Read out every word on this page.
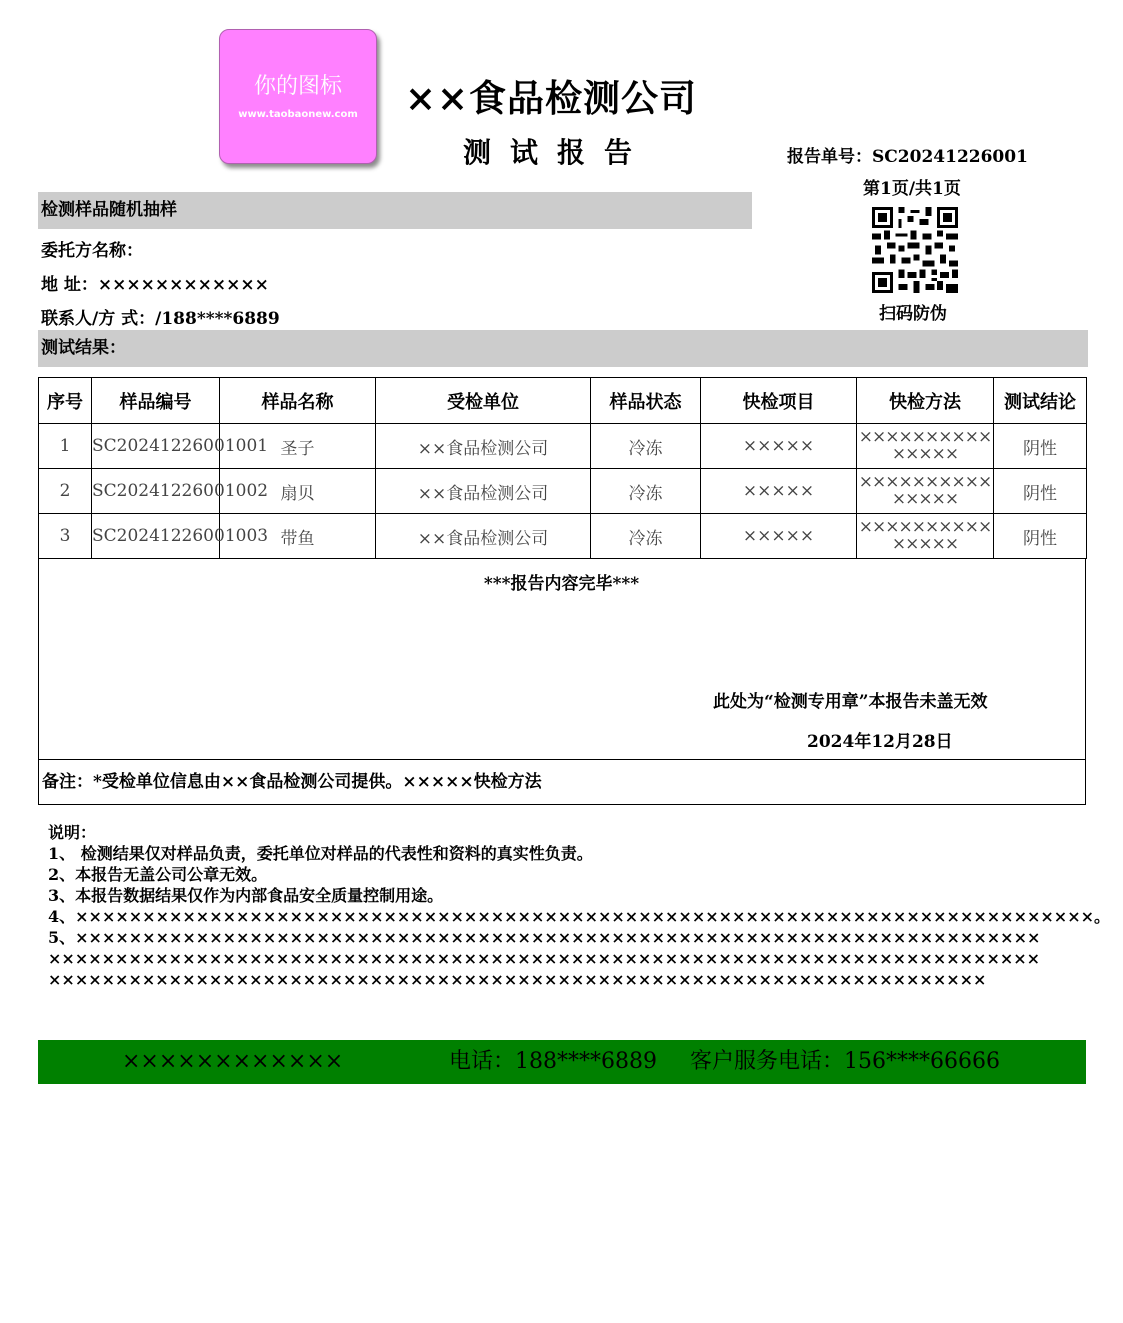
你的图标
www.taobaonew.com ××食品检测公司
测试报告	报告单号：SC20241226001
第1页/共1页
扫码防伪
检测样品随机抽样
委托方名称：
地 址：××××××××××××
联系人/方 式：/188****6889
测试结果：
序号	样品编号	样品名称	受检单位	样品状态	快检项目	快检方法	测试结论
1	SC20241226001001	圣子	××食品检测公司	冷冻	×××××	×××××××××××××××	阴性
2	SC20241226001002	扇贝	××食品检测公司	冷冻	×××××	×××××××××××××××	阴性
3	SC20241226001003	带鱼	××食品检测公司	冷冻	×××××	×××××××××××××××	阴性
***报告内容完毕***
此处为“检测专用章”本报告未盖无效
2024年12月28日
备注：*受检单位信息由××食品检测公司提供。×××××快检方法
说明：
1、 检测结果仅对样品负责，委托单位对样品的代表性和资料的真实性负责。
2、本报告无盖公司公章无效。
3、本报告数据结果仅作为内部食品安全质量控制用途。
4、××××××××××××××××××××××××××××××××××××××××××××××××××××××××××××××××××××××××××××。
5、××××××××××××××××××××××××××××××××××××××××××××××××××××××××××××××××××××××××××××××××××××××××××××××××××××××××××××××××××××××××××××××××××××××××××××××××××××××××××××××××××××××××××××××××××××××××××××××××××××××××××××××××××××××××
××××××××××××	电话：188****6889 客户服务电话：156****66666
